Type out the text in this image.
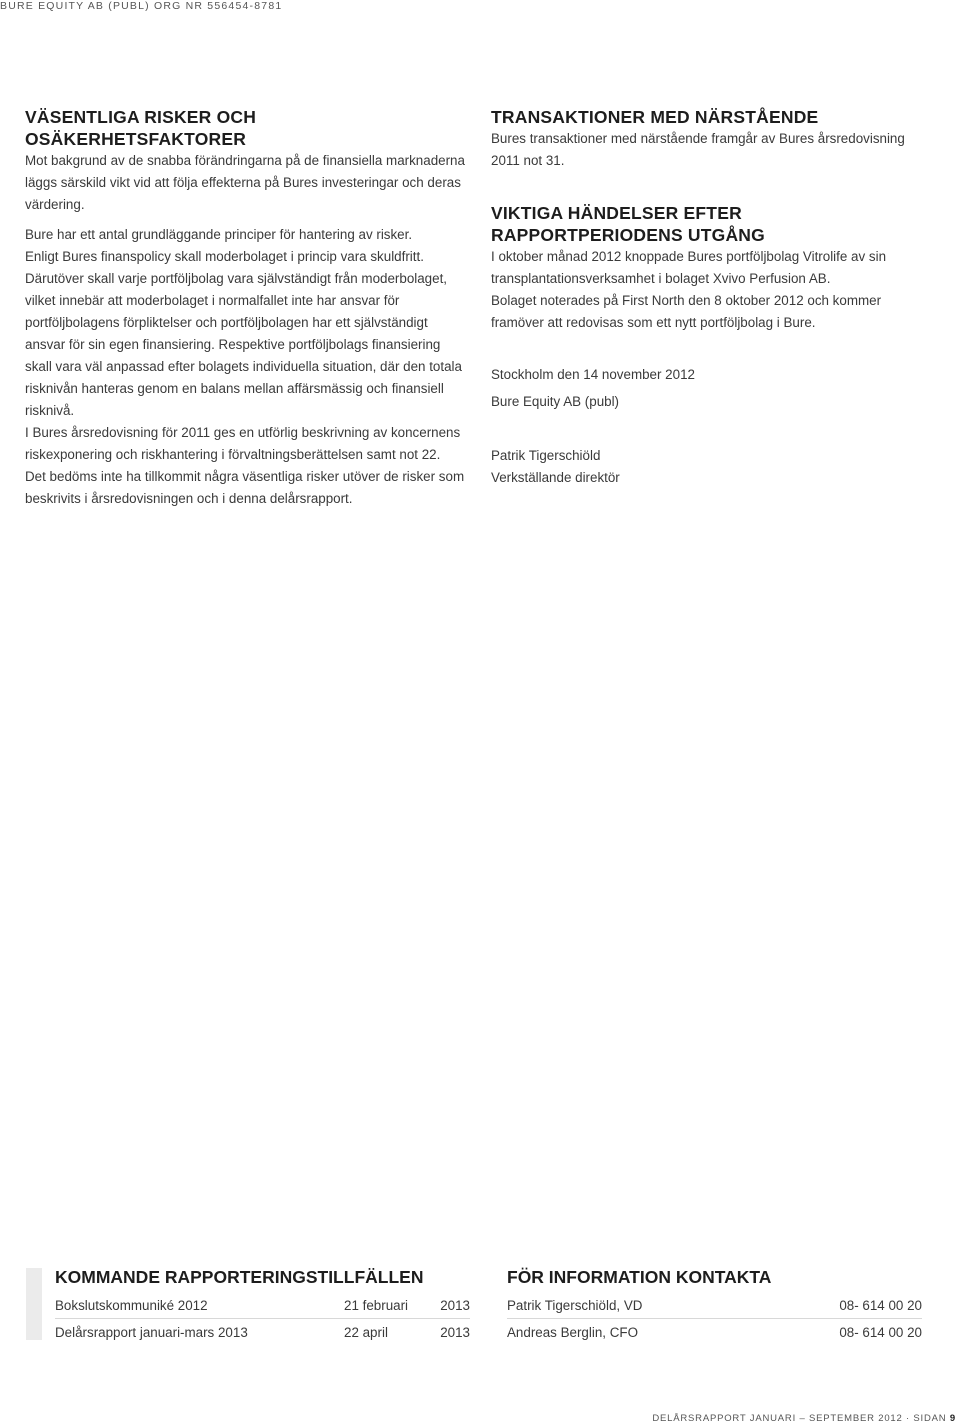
BURE EQUITY AB (PUBL) ORG NR 556454-8781
VÄSENTLIGA RISKER OCH OSÄKERHETSFAKTORER

Mot bakgrund av de snabba förändringarna på de finansiella marknaderna läggs särskild vikt vid att följa effekterna på Bures investeringar och deras värdering.

Bure har ett antal grundläggande principer för hantering av risker.

Enligt Bures finanspolicy skall moderbolaget i princip vara skuldfritt.

Därutöver skall varje portföljbolag vara självständigt från moderbolaget, vilket innebär att moderbolaget i normalfallet inte har ansvar för portföljbolagens förpliktelser och portföljbolagen har ett självständigt ansvar för sin egen finansiering. Respektive portföljbolags finansiering skall vara väl anpassad efter bolagets individuella situation, där den totala risknivån hanteras genom en balans mellan affärsmässig och finansiell risknivå.

I Bures årsredovisning för 2011 ges en utförlig beskrivning av koncernens riskexponering och riskhantering i förvaltningsberättelsen samt not 22.

Det bedöms inte ha tillkommit några väsentliga risker utöver de risker som beskrivits i årsredovisningen och i denna delårsrapport.

TRANSAKTIONER MED NÄRSTÅENDE

Bures transaktioner med närstående framgår av Bures årsredovisning 2011 not 31.

VIKTIGA HÄNDELSER EFTER RAPPORTPERIODENS UTGÅNG

I oktober månad 2012 knoppade Bures portföljbolag Vitrolife av sin transplantationsverksamhet i bolaget Xvivo Perfusion AB.

Bolaget noterades på First North den 8 oktober 2012 och kommer framöver att redovisas som ett nytt portföljbolag i Bure.

Stockholm den 14 november 2012
Bure Equity AB (publ)
Patrik Tigerschiöld
Verkställande direktör
KOMMANDE RAPPORTERINGSTILLFÄLLEN
Bokslutskommuniké 2012	21 februari	2013
Delårsrapport januari-mars 2013	22 april	2013
FÖR INFORMATION KONTAKTA
Patrik Tigerschiöld, VD	08- 614 00 20
Andreas Berglin, CFO	08- 614 00 20
DELÅRSRAPPORT JANUARI – SEPTEMBER 2012 · SIDAN 9
